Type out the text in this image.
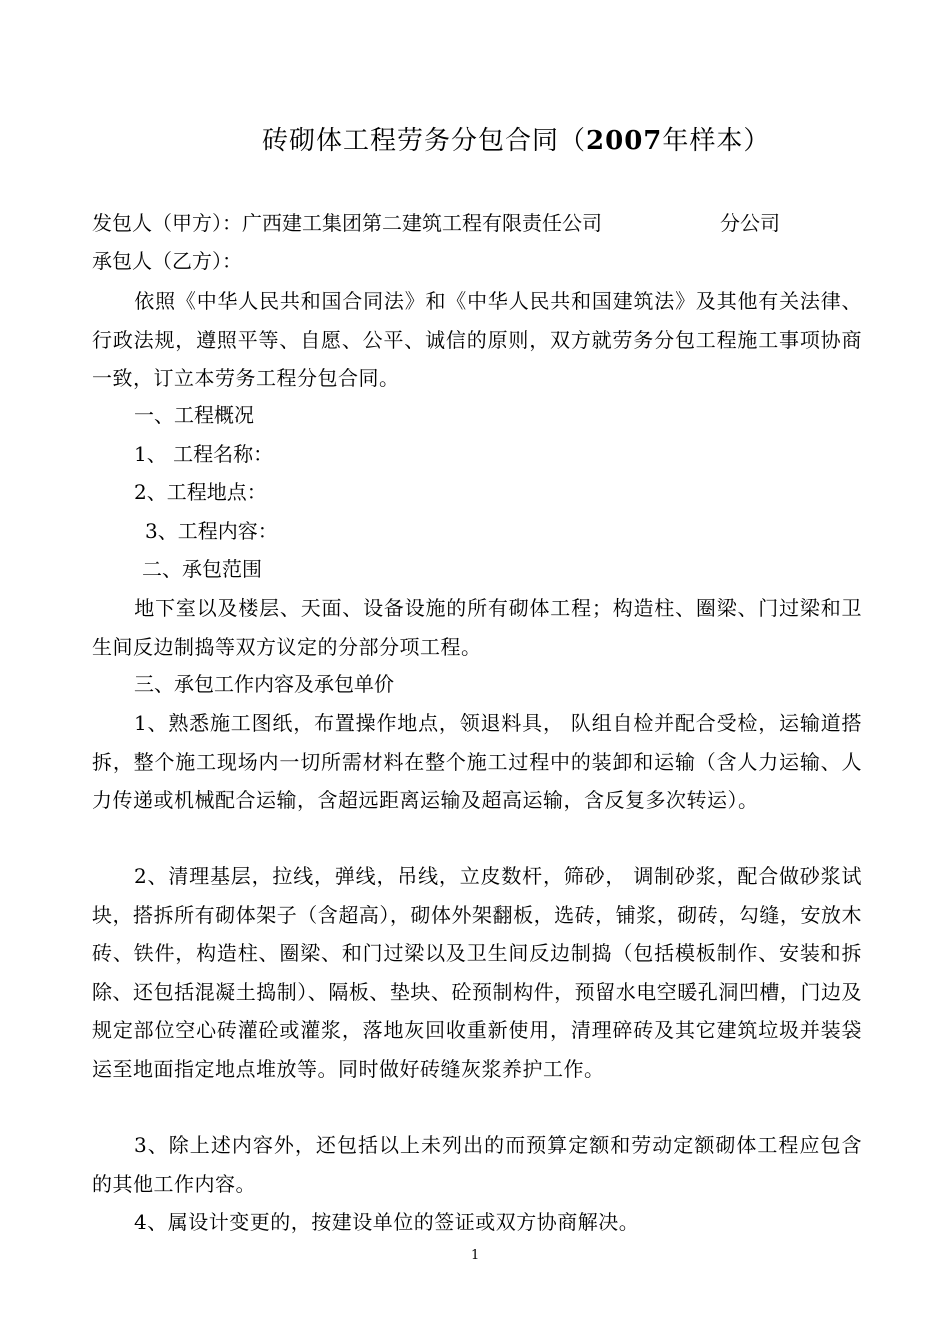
砖砌体工程劳务分包合同（2007年样本）
发包人（甲方）：广西建工集团第二建筑工程有限责任公司	分公司
承包人（乙方）：
依照《中华人民共和国合同法》和《中华人民共和国建筑法》及其他有关法律、行政法规，遵照平等、自愿、公平、诚信的原则，双方就劳务分包工程施工事项协商一致，订立本劳务工程分包合同。
一、工程概况
1、 工程名称：
2、工程地点：
3、工程内容：
二、承包范围
地下室以及楼层、天面、设备设施的所有砌体工程；构造柱、圈梁、门过梁和卫生间反边制捣等双方议定的分部分项工程。
三、承包工作内容及承包单价
1、熟悉施工图纸，布置操作地点，领退料具， 队组自检并配合受检，运输道搭拆，整个施工现场内一切所需材料在整个施工过程中的装卸和运输（含人力运输、人力传递或机械配合运输，含超远距离运输及超高运输，含反复多次转运）。
2、清理基层，拉线，弹线，吊线，立皮数杆，筛砂， 调制砂浆，配合做砂浆试块，搭拆所有砌体架子（含超高），砌体外架翻板，选砖，铺浆，砌砖，勾缝，安放木砖、铁件，构造柱、圈梁、和门过梁以及卫生间反边制捣（包括模板制作、安装和拆除、还包括混凝土捣制）、隔板、垫块、砼预制构件，预留水电空暖孔洞凹槽，门边及规定部位空心砖灌砼或灌浆，落地灰回收重新使用，清理碎砖及其它建筑垃圾并装袋运至地面指定地点堆放等。同时做好砖缝灰浆养护工作。
3、除上述内容外，还包括以上未列出的而预算定额和劳动定额砌体工程应包含的其他工作内容。
4、属设计变更的，按建设单位的签证或双方协商解决。
1
